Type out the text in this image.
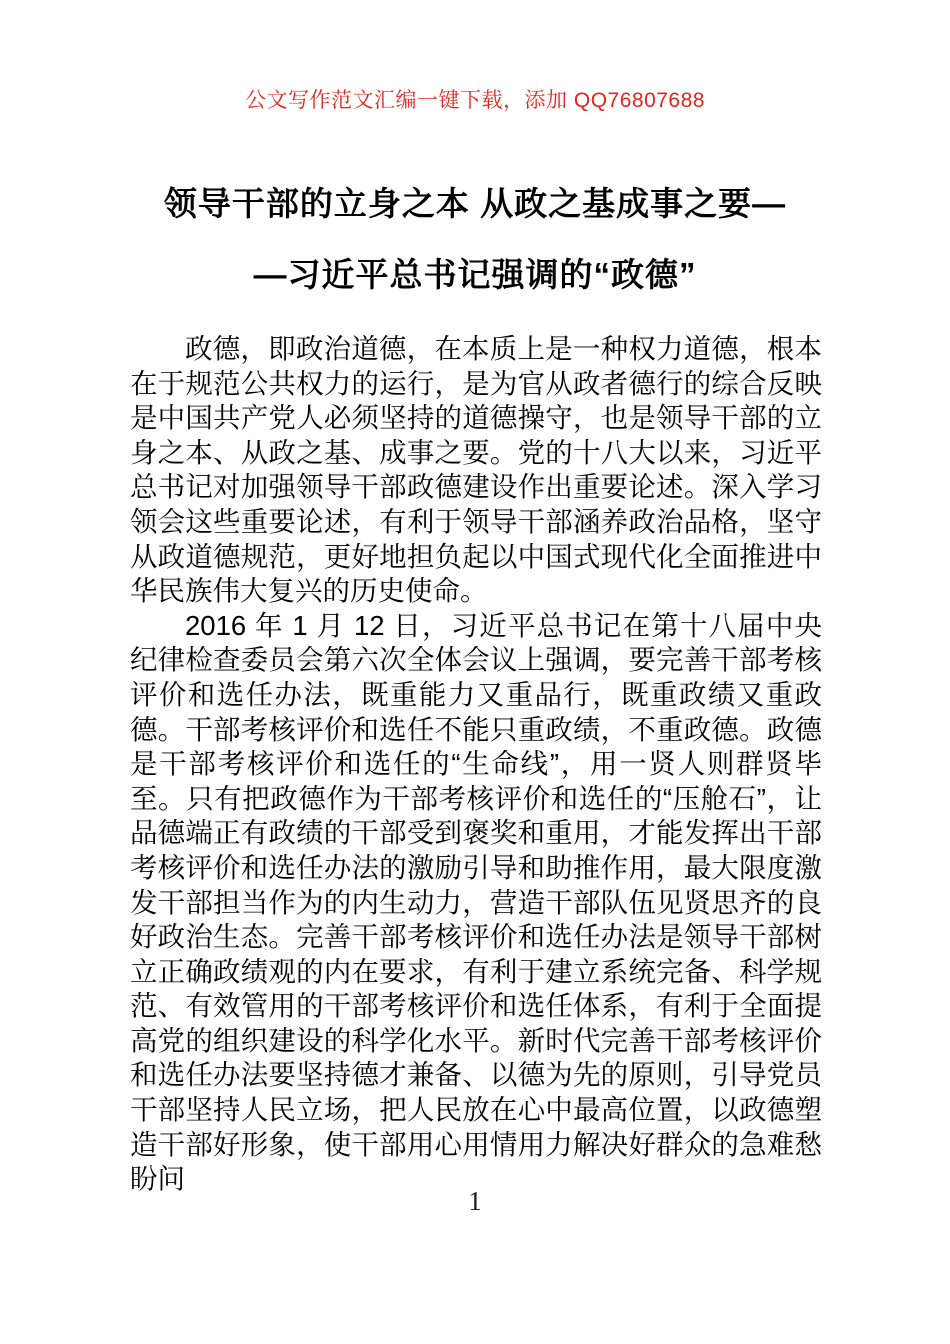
公文写作范文汇编一键下载，添加 QQ76807688
领导干部的立身之本 从政之基成事之要—
—习近平总书记强调的“政德”

政德，即政治道德，在本质上是一种权力道德，根本在于规范公共权力的运行，是为官从政者德行的综合反映是中国共产党人必须坚持的道德操守，也是领导干部的立身之本、从政之基、成事之要。党的十八大以来，习近平总书记对加强领导干部政德建设作出重要论述。深入学习领会这些重要论述，有利于领导干部涵养政治品格，坚守从政道德规范，更好地担负起以中国式现代化全面推进中华民族伟大复兴的历史使命。

2016 年 1 月 12 日，习近平总书记在第十八届中央纪律检查委员会第六次全体会议上强调，要完善干部考核评价和选任办法，既重能力又重品行，既重政绩又重政德。干部考核评价和选任不能只重政绩，不重政德。政德是干部考核评价和选任的“生命线”，用一贤人则群贤毕至。只有把政德作为干部考核评价和选任的“压舱石”，让品德端正有政绩的干部受到褒奖和重用，才能发挥出干部考核评价和选任办法的激励引导和助推作用，最大限度激发干部担当作为的内生动力，营造干部队伍见贤思齐的良好政治生态。完善干部考核评价和选任办法是领导干部树立正确政绩观的内在要求，有利于建立系统完备、科学规范、有效管用的干部考核评价和选任体系，有利于全面提高党的组织建设的科学化水平。新时代完善干部考核评价和选任办法要坚持德才兼备、以德为先的原则，引导党员干部坚持人民立场，把人民放在心中最高位置，以政德塑造干部好形象，使干部用心用情用力解决好群众的急难愁盼问

1
